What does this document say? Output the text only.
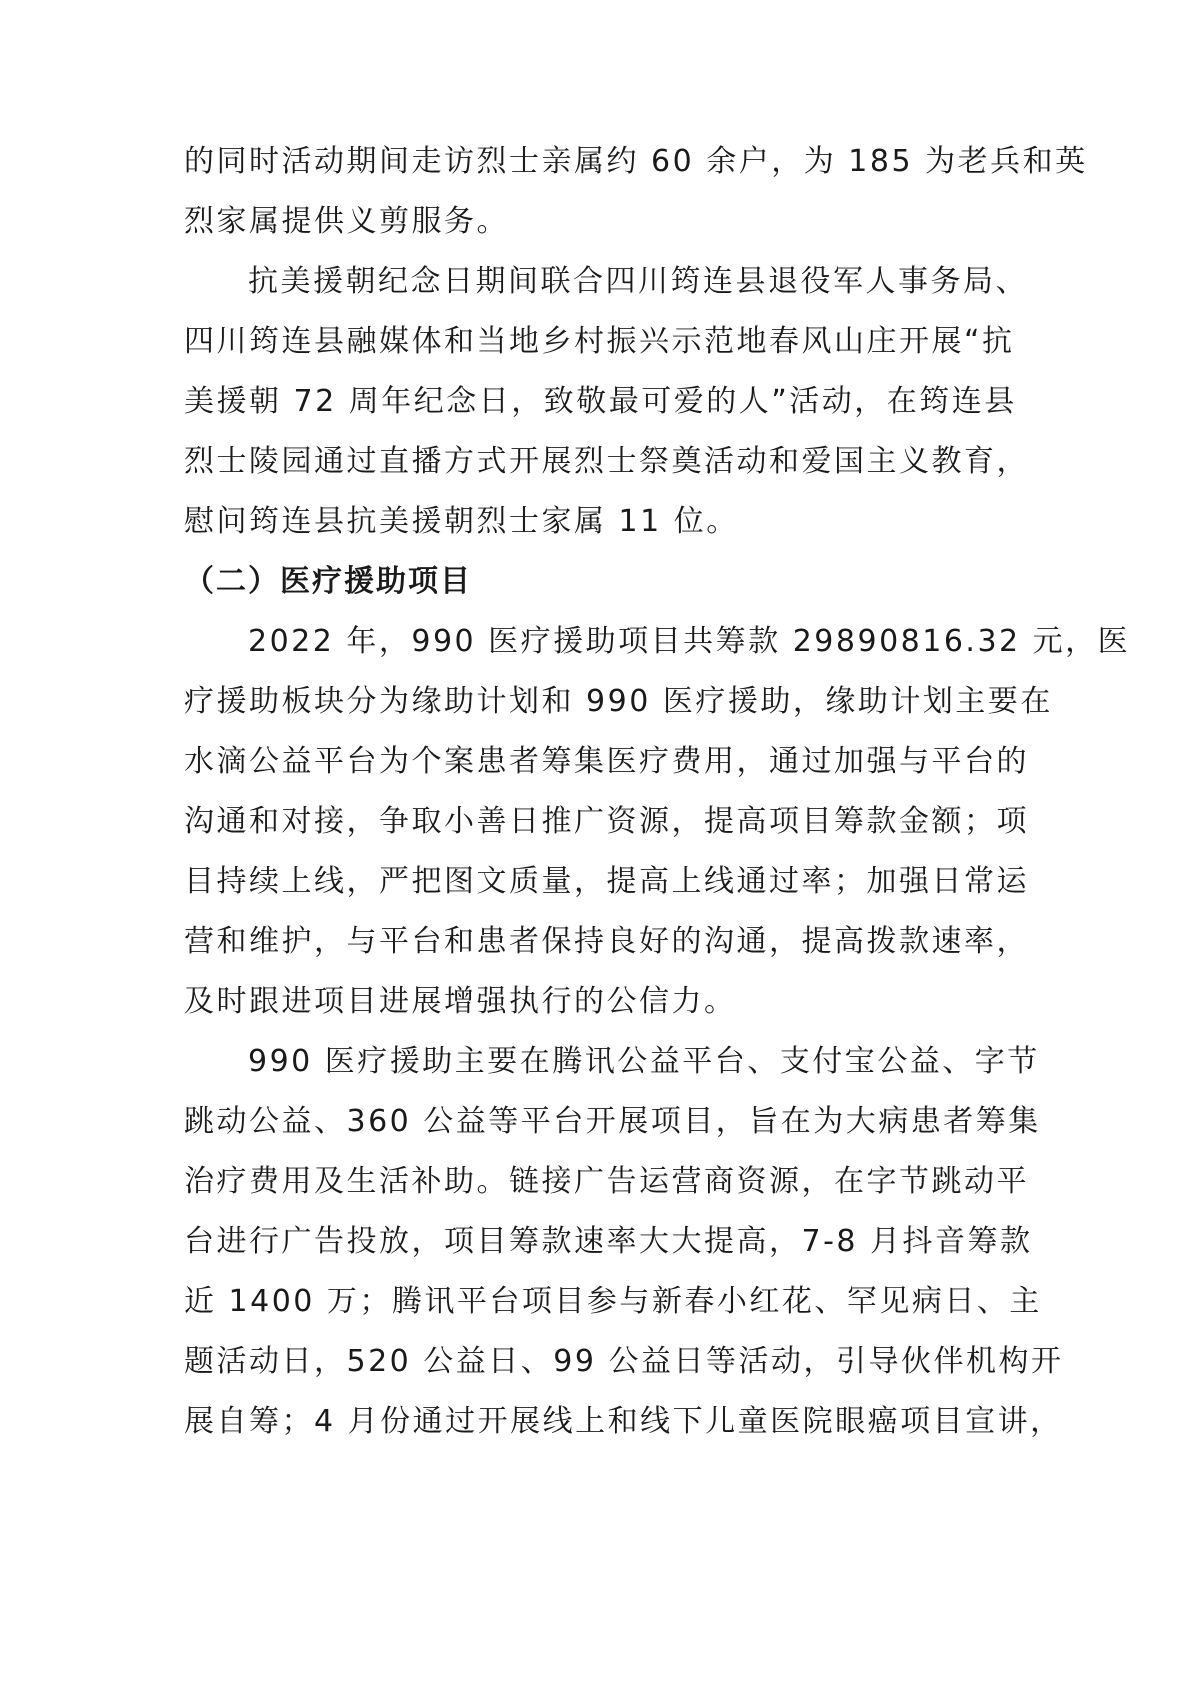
的同时活动期间走访烈士亲属约 60 余户，为 185 为老兵和英
烈家属提供义剪服务。
抗美援朝纪念日期间联合四川筠连县退役军人事务局、
四川筠连县融媒体和当地乡村振兴示范地春风山庄开展“抗
美援朝 72 周年纪念日，致敬最可爱的人”活动，在筠连县
烈士陵园通过直播方式开展烈士祭奠活动和爱国主义教育，
慰问筠连县抗美援朝烈士家属 11 位。
（二）医疗援助项目
2022 年，990 医疗援助项目共筹款 29890816.32 元，医
疗援助板块分为缘助计划和 990 医疗援助，缘助计划主要在
水滴公益平台为个案患者筹集医疗费用，通过加强与平台的
沟通和对接，争取小善日推广资源，提高项目筹款金额；项
目持续上线，严把图文质量，提高上线通过率；加强日常运
营和维护，与平台和患者保持良好的沟通，提高拨款速率，
及时跟进项目进展增强执行的公信力。
990 医疗援助主要在腾讯公益平台、支付宝公益、字节
跳动公益、360 公益等平台开展项目，旨在为大病患者筹集
治疗费用及生活补助。链接广告运营商资源，在字节跳动平
台进行广告投放，项目筹款速率大大提高，7-8 月抖音筹款
近 1400 万；腾讯平台项目参与新春小红花、罕见病日、主
题活动日，520 公益日、99 公益日等活动，引导伙伴机构开
展自筹；4 月份通过开展线上和线下儿童医院眼癌项目宣讲，
